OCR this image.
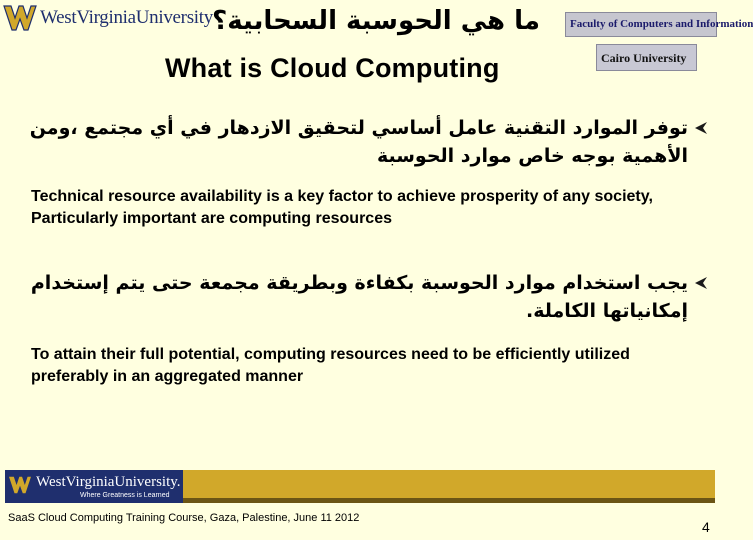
WestVirginiaUniversity ما هي الحوسبة السحابية؟
What is Cloud Computing
Faculty of Computers and Information
Cairo University
توفر الموارد التقنية عامل أساسي لتحقيق الازدهار في أي مجتمع ،ومن
الأهمية بوجه خاص موارد الحوسبة
Technical resource availability is a key factor to achieve prosperity of any society, Particularly important are computing resources
يجب استخدام موارد الحوسبة بكفاءة وبطريقة مجمعة حتى يتم إستخدام
إمكانياتها الكاملة.
To attain their full potential, computing resources need to be efficiently utilized preferably in an aggregated manner
WestVirginiaUniversity.
Where Greatness is Learned
SaaS Cloud Computing Training Course, Gaza, Palestine, June 11 2012
4
